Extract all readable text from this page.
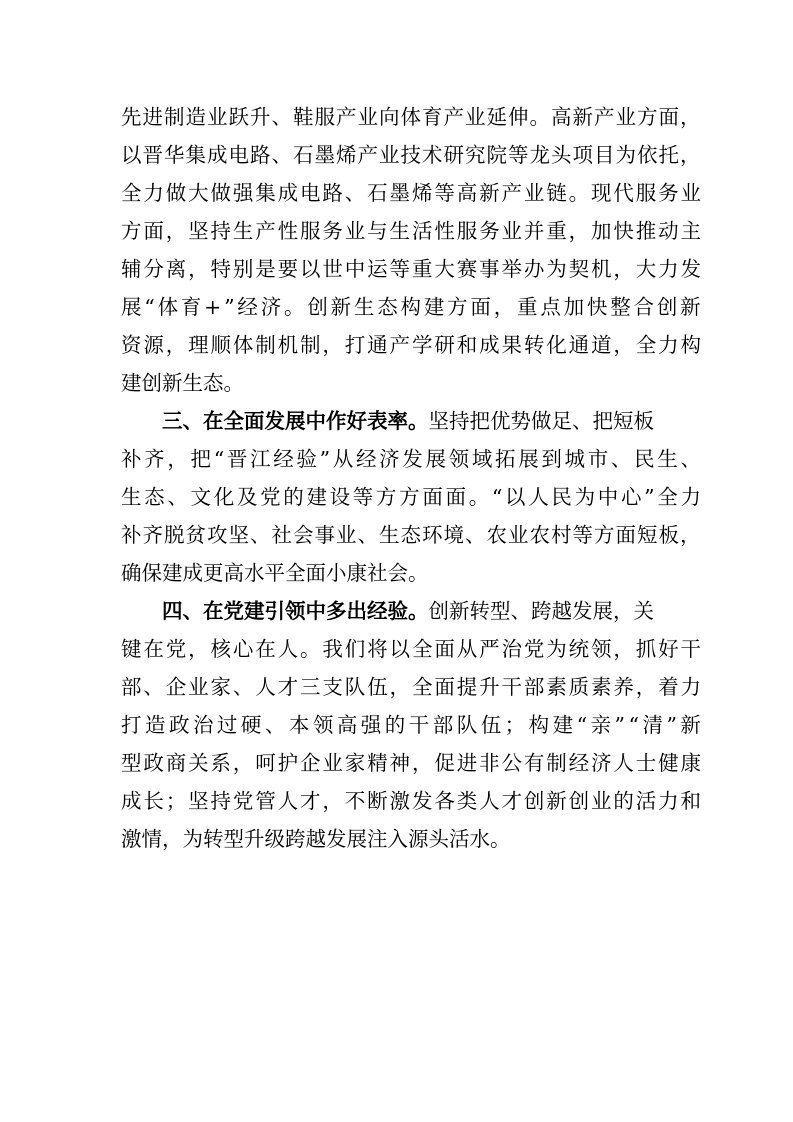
先进制造业跃升、鞋服产业向体育产业延伸。高新产业方面，
以晋华集成电路、石墨烯产业技术研究院等龙头项目为依托，
全力做大做强集成电路、石墨烯等高新产业链。现代服务业
方面，坚持生产性服务业与生活性服务业并重，加快推动主
辅分离，特别是要以世中运等重大赛事举办为契机，大力发
展“体育+”经济。创新生态构建方面，重点加快整合创新
资源，理顺体制机制，打通产学研和成果转化通道，全力构
建创新生态。
三、在全面发展中作好表率。 坚持把优势做足、把短板
补齐，把“晋江经验”从经济发展领域拓展到城市、民生、
生态、文化及党的建设等方方面面。“以人民为中心”全力
补齐脱贫攻坚、社会事业、生态环境、农业农村等方面短板，
确保建成更高水平全面小康社会。
四、在党建引领中多出经验。 创新转型、跨越发展，关
键在党，核心在人。我们将以全面从严治党为统领，抓好干
部、企业家、人才三支队伍，全面提升干部素质素养，着力
打造政治过硬、本领高强的干部队伍；构建“亲”“清”新
型政商关系，呵护企业家精神，促进非公有制经济人士健康
成长；坚持党管人才，不断激发各类人才创新创业的活力和
激情，为转型升级跨越发展注入源头活水。
